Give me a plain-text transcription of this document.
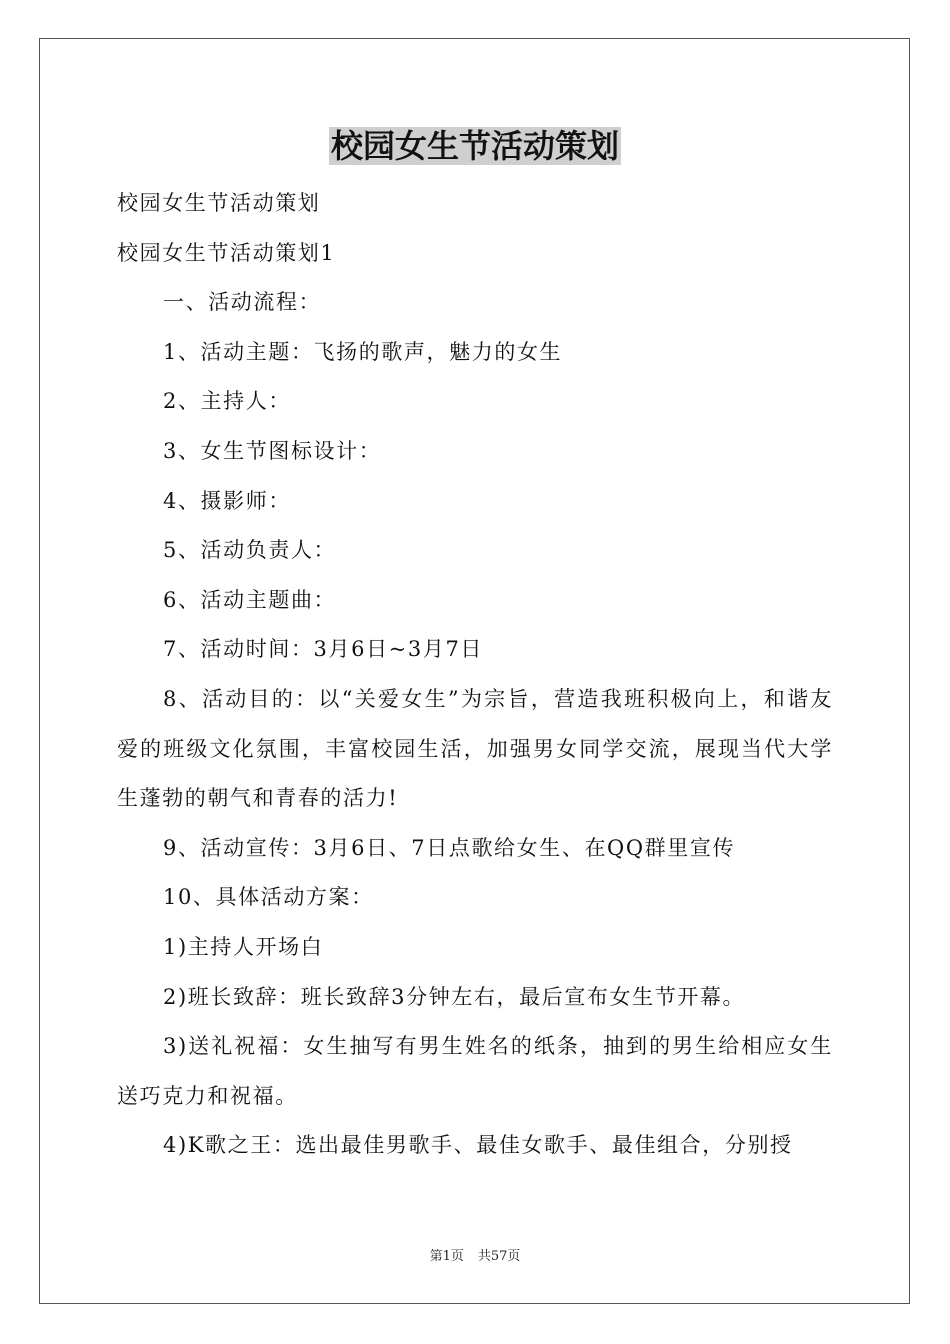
校园女生节活动策划

校园女生节活动策划

校园女生节活动策划1

一、活动流程：

1、活动主题：飞扬的歌声，魅力的女生

2、主持人：

3、女生节图标设计：

4、摄影师：

5、活动负责人：

6、活动主题曲：

7、活动时间：3月6日~3月7日

8、活动目的：以“关爱女生”为宗旨，营造我班积极向上，和谐友爱的班级文化氛围，丰富校园生活，加强男女同学交流，展现当代大学生蓬勃的朝气和青春的活力!

9、活动宣传：3月6日、7日点歌给女生、在QQ群里宣传

10、具体活动方案：

1)主持人开场白

2)班长致辞：班长致辞3分钟左右，最后宣布女生节开幕。

3)送礼祝福：女生抽写有男生姓名的纸条，抽到的男生给相应女生送巧克力和祝福。

4)K歌之王：选出最佳男歌手、最佳女歌手、最佳组合，分别授

第1页 共57页
